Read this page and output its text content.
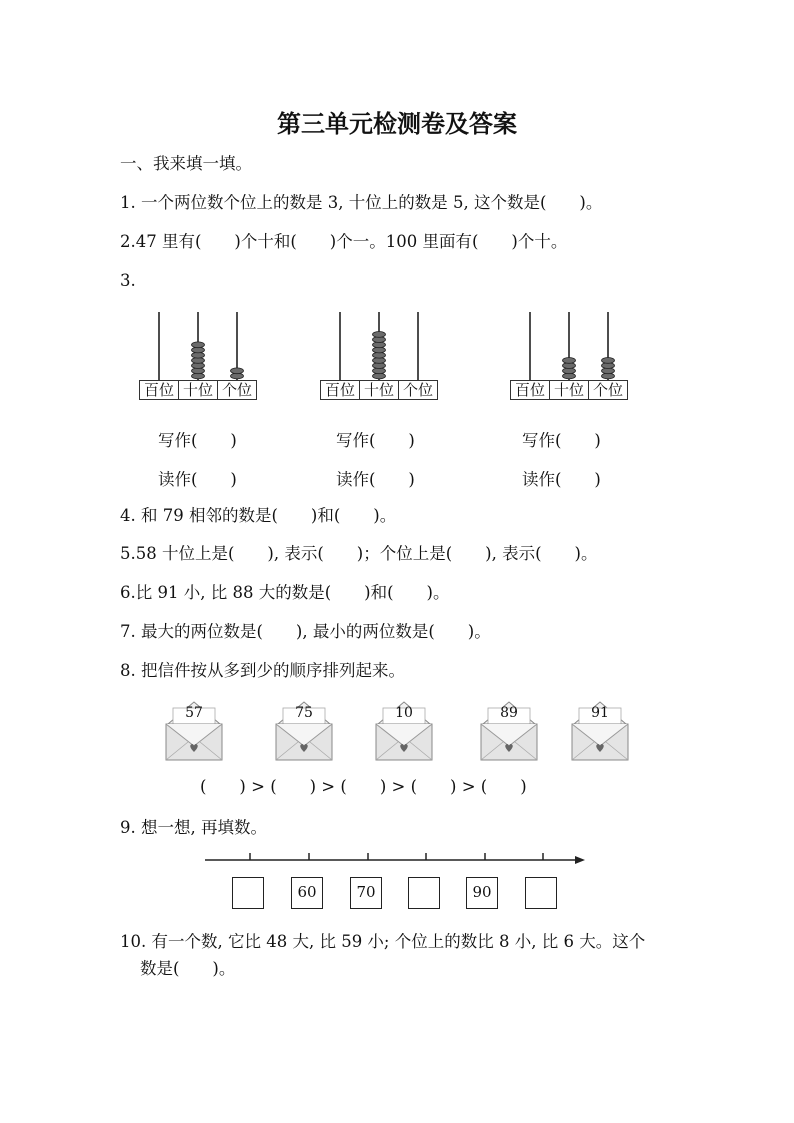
第三单元检测卷及答案
一、我来填一填。
1. 一个两位数个位上的数是 3, 十位上的数是 5, 这个数是(　　)。
2.47 里有(　　)个十和(　　)个一。100 里面有(　　)个十。
3.
百位 十位 个位	百位 十位 个位	百位 十位 个位
写作(　　)	写作(　　)	写作(　　)
读作(　　)	读作(　　)	读作(　　)
4. 和 79 相邻的数是(　　)和(　　)。
5.58 十位上是(　　), 表示(　　)；个位上是(　　), 表示(　　)。
6.比 91 小, 比 88 大的数是(　　)和(　　)。
7. 最大的两位数是(　　), 最小的两位数是(　　)。
8. 把信件按从多到少的顺序排列起来。
57	75	10	89	91
(　　) > (　　) > (　　) > (　　) > (　　)
9. 想一想, 再填数。
60	70	90
10. 有一个数, 它比 48 大, 比 59 小; 个位上的数比 8 小, 比 6 大。这个
数是(　　)。
